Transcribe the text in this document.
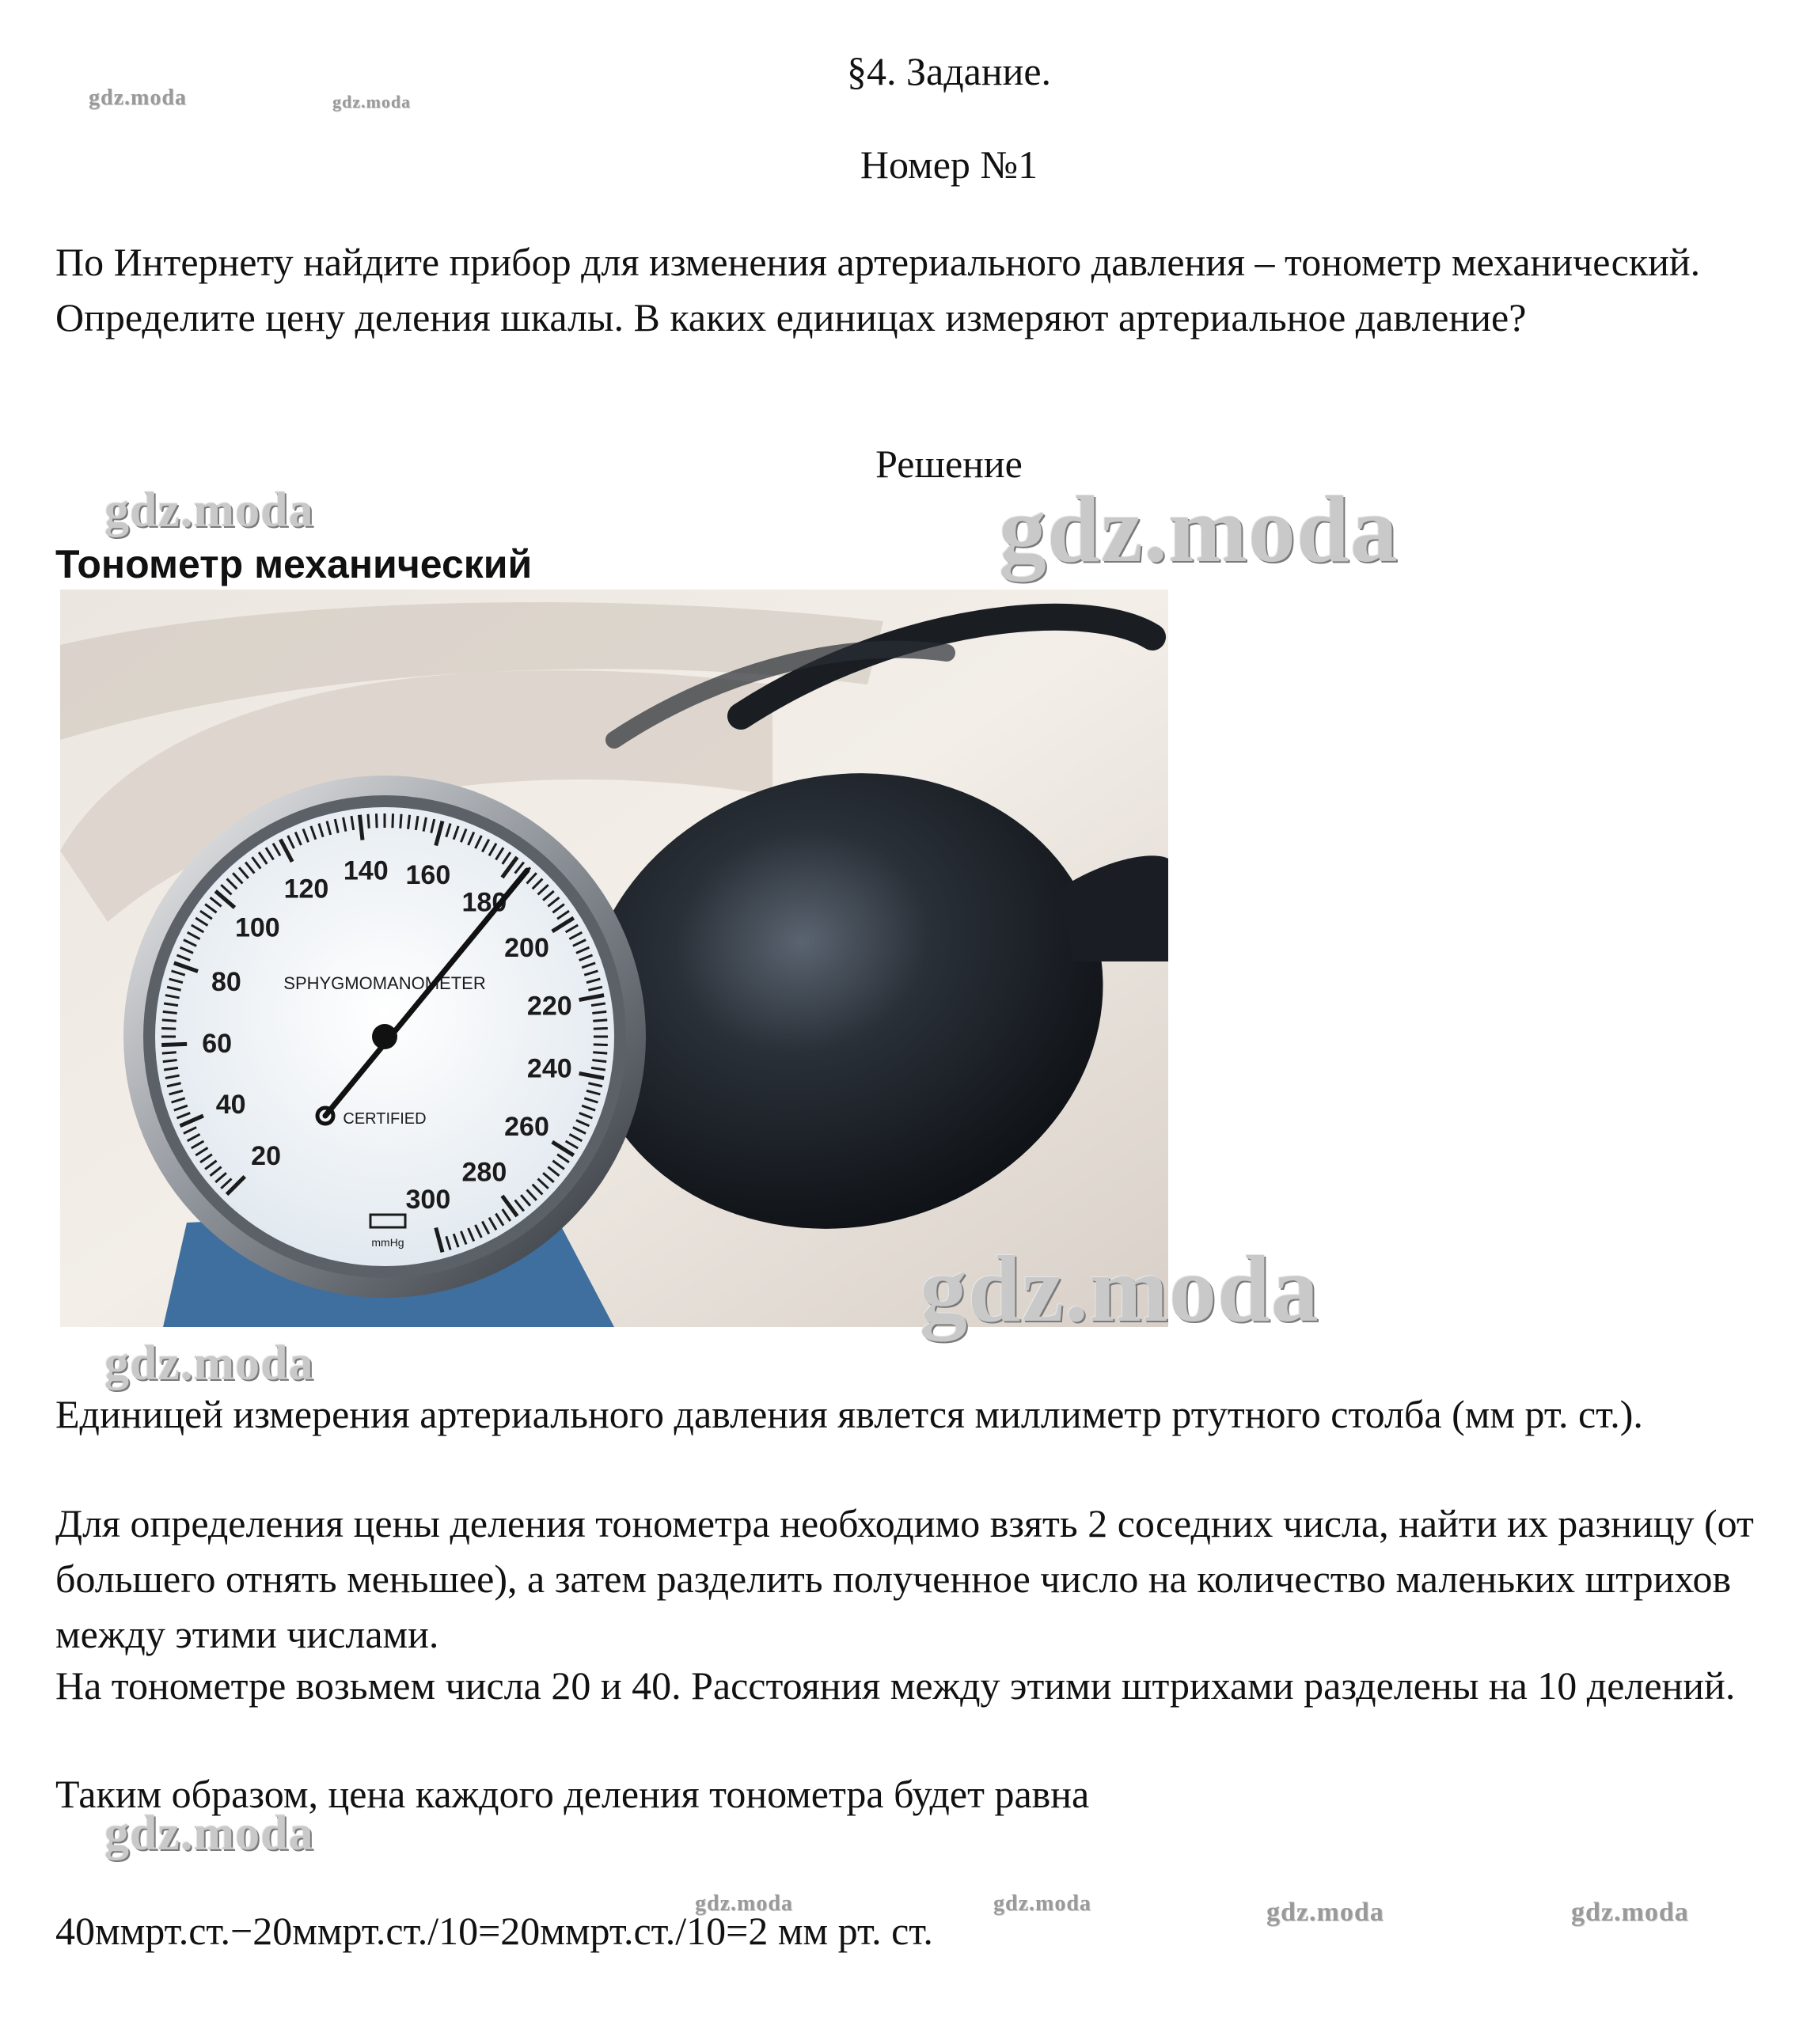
gdz.moda	gdz.moda
§4. Задание.
Номер №1

По Интернету найдите прибор для изменения артериального давления – тонометр механический. Определите цену деления шкалы. В каких единицах измеряют артериальное давление?

Решение
gdz.moda	gdz.moda
Тонометр механический
20
40
60
80
100
120
140 160
180
200
220
240
260
280
300
SPHYGMOMANOMETER
CERTIFIED
mmHg	gdz.moda
gdz.moda

Единицей измерения артериального давления явлется миллиметр ртутного столба (мм рт. ст.).

Для определения цены деления тонометра необходимо взять 2 соседних числа, найти их разницу (от большего отнять меньшее), а затем разделить полученное число на количество маленьких штрихов между этими числами.

На тонометре возьмем числа 20 и 40. Расстояния между этими штрихами разделены на 10 делений.

Таким образом, цена каждого деления тонометра будет равна

gdz.moda
gdz.moda	gdz.moda	gdz.moda	gdz.moda
40ммрт.ст.−20ммрт.ст./10=20ммрт.ст./10=2 мм рт. ст.
